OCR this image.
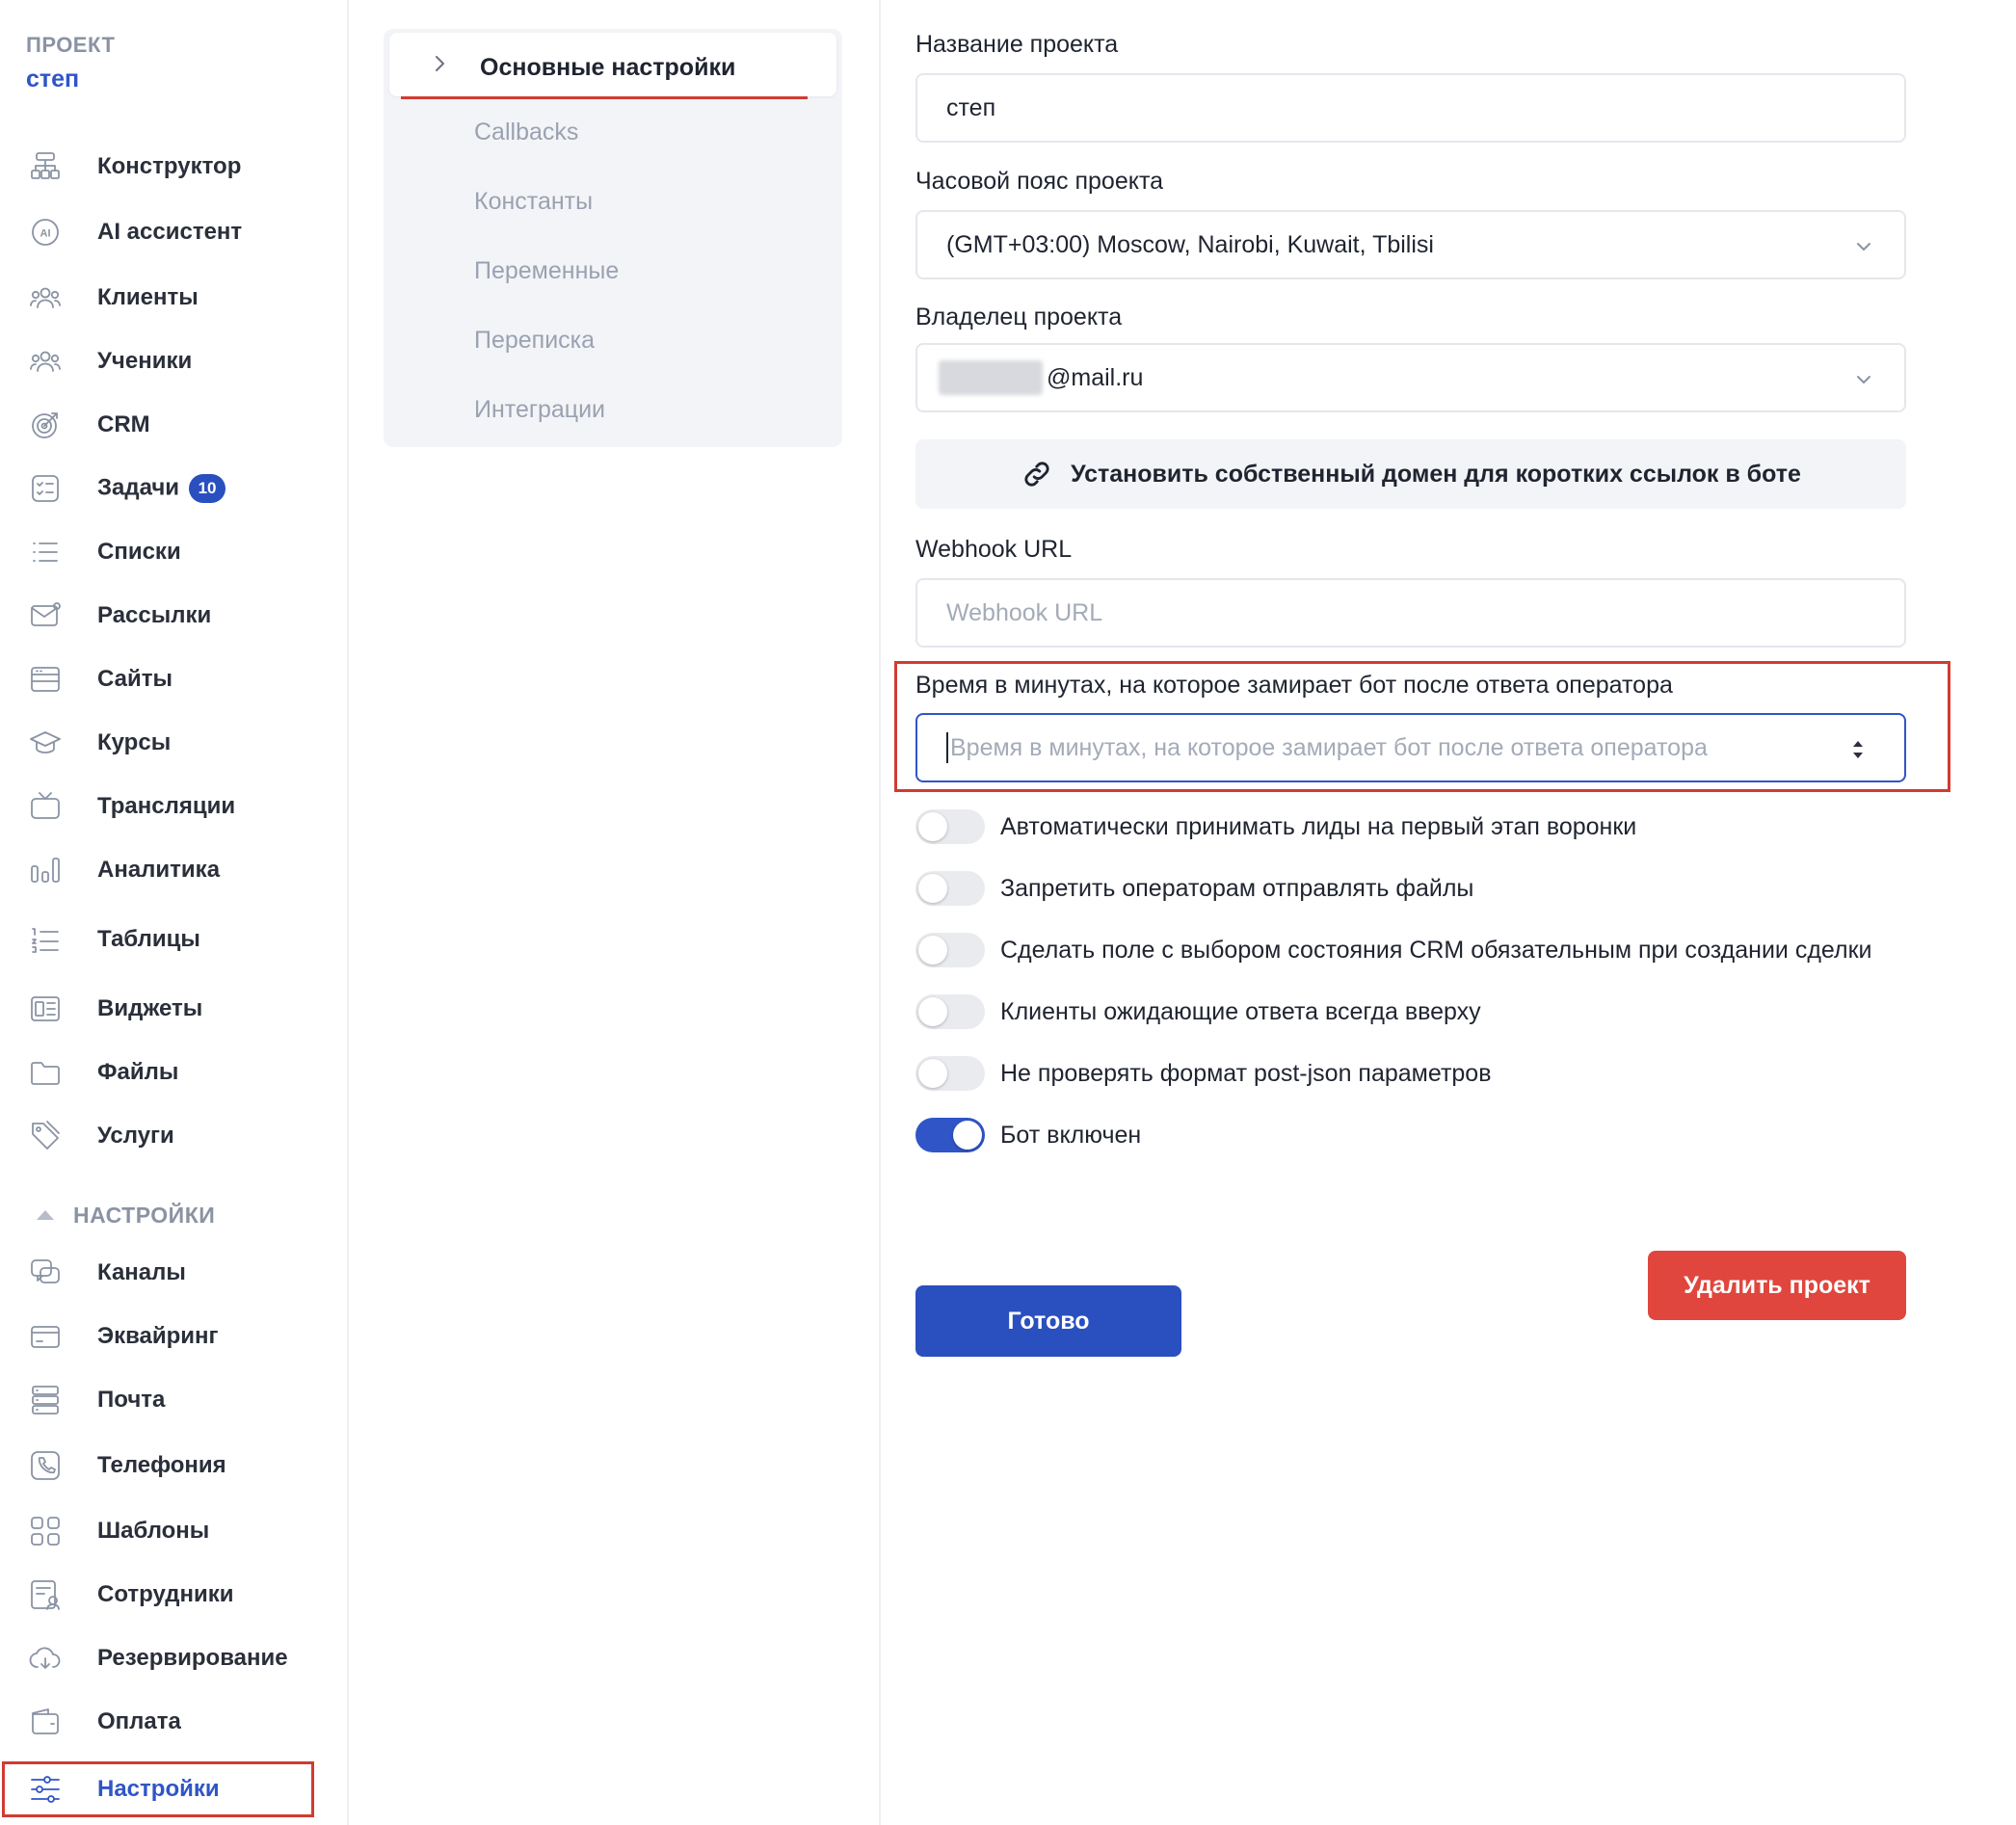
ПРОЕКТ
степ
Конструктор
AI AI ассистент
Клиенты
Ученики
CRM
Задачи 10
Списки
Рассылки
Сайты
Курсы
Трансляции
Аналитика
Таблицы
Виджеты
Файлы
Услуги
НАСТРОЙКИ
Каналы
Эквайринг
Почта
Телефония
Шаблоны
Сотрудники
Резервирование
Оплата
Настройки
Основные настройки
Callbacks
Константы
Переменные
Переписка
Интеграции
Название проекта
степ
Часовой пояс проекта
(GMT+03:00) Moscow, Nairobi, Kuwait, Tbilisi
Владелец проекта
@mail.ru
Установить собственный домен для коротких ссылок в боте
Webhook URL
Webhook URL
Время в минутах, на которое замирает бот после ответа оператора
Время в минутах, на которое замирает бот после ответа оператора
Автоматически принимать лиды на первый этап воронки
Запретить операторам отправлять файлы
Сделать поле с выбором состояния CRM обязательным при создании сделки
Клиенты ожидающие ответа всегда вверху
Не проверять формат post-json параметров
Бот включен
Удалить проект
Готово
